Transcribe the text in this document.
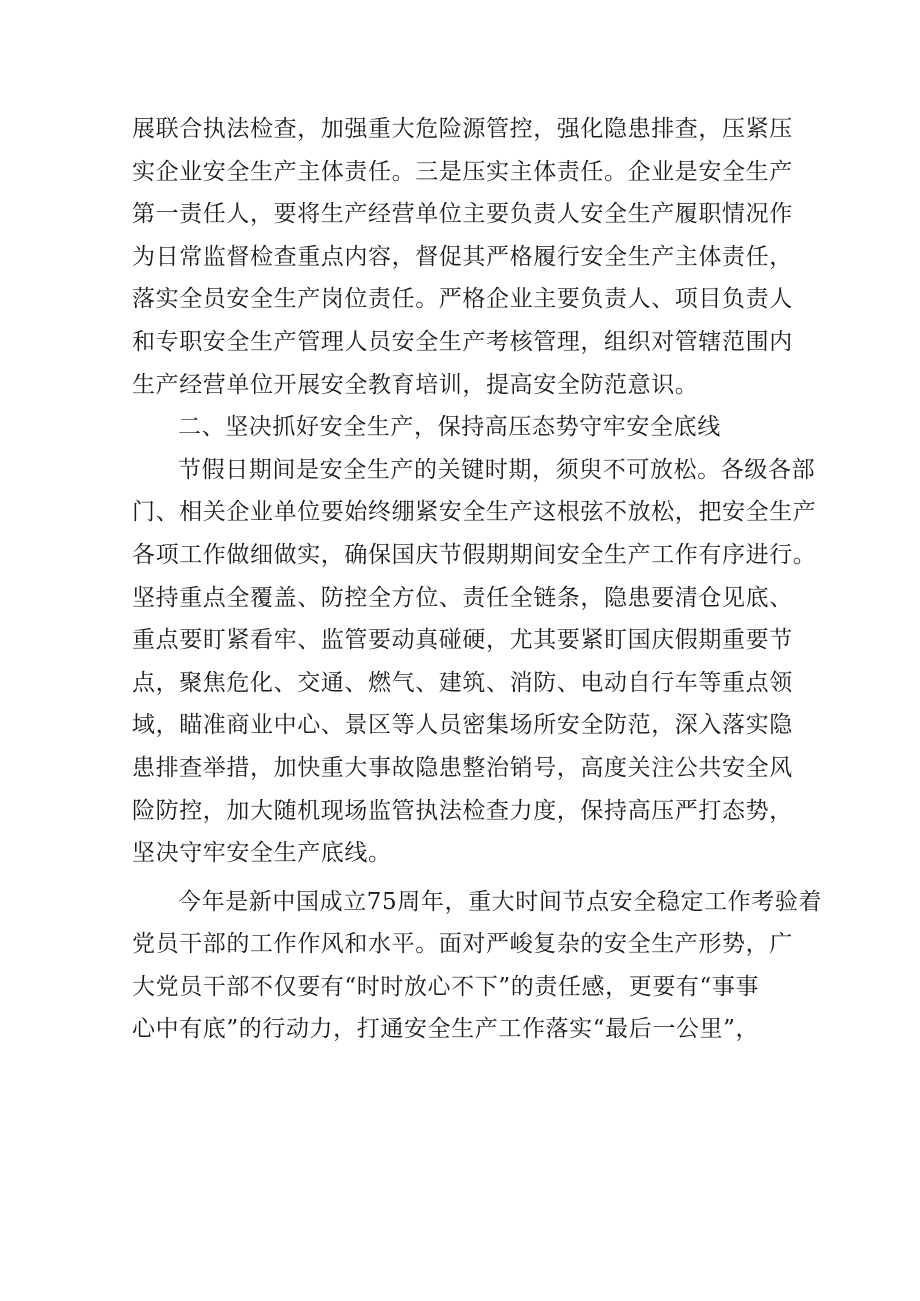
展联合执法检查，加强重大危险源管控，强化隐患排查，压紧压
实企业安全生产主体责任。三是压实主体责任。企业是安全生产
第一责任人，要将生产经营单位主要负责人安全生产履职情况作
为日常监督检查重点内容，督促其严格履行安全生产主体责任，
落实全员安全生产岗位责任。严格企业主要负责人、项目负责人
和专职安全生产管理人员安全生产考核管理，组织对管辖范围内
生产经营单位开展安全教育培训，提高安全防范意识。
二、坚决抓好安全生产，保持高压态势守牢安全底线
节假日期间是安全生产的关键时期，须臾不可放松。各级各部
门、相关企业单位要始终绷紧安全生产这根弦不放松，把安全生产
各项工作做细做实，确保国庆节假期期间安全生产工作有序进行。
坚持重点全覆盖、防控全方位、责任全链条，隐患要清仓见底、
重点要盯紧看牢、监管要动真碰硬，尤其要紧盯国庆假期重要节
点，聚焦危化、交通、燃气、建筑、消防、电动自行车等重点领
域，瞄准商业中心、景区等人员密集场所安全防范，深入落实隐
患排查举措，加快重大事故隐患整治销号，高度关注公共安全风
险防控，加大随机现场监管执法检查力度，保持高压严打态势，
坚决守牢安全生产底线。
今年是新中国成立75周年，重大时间节点安全稳定工作考验着
党员干部的工作作风和水平。面对严峻复杂的安全生产形势，广
大党员干部不仅要有“时时放心不下”的责任感，更要有“事事
心中有底”的行动力，打通安全生产工作落实“最后一公里”，
